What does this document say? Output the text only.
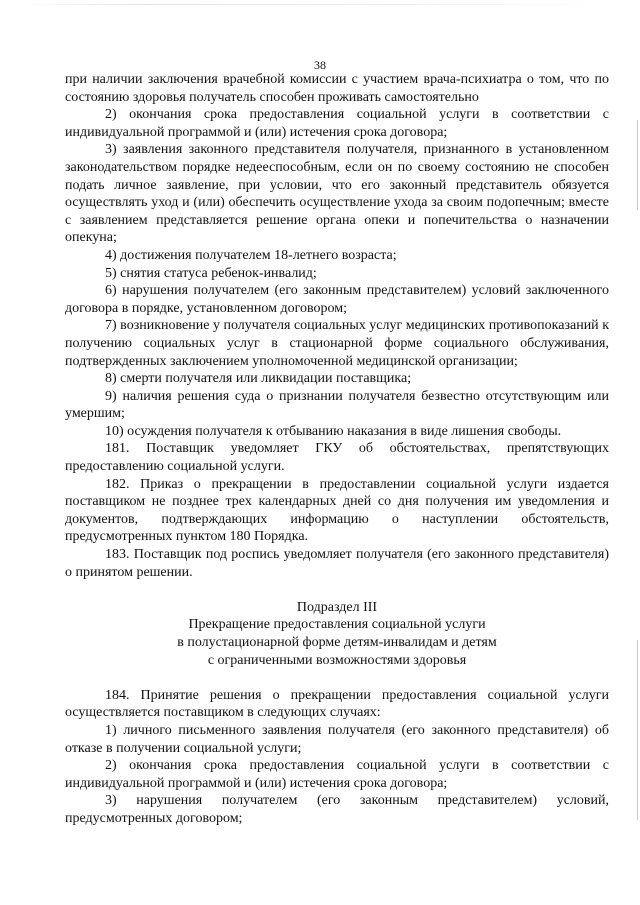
38

при наличии заключения врачебной комиссии с участием врача-психиатра о том, что по состоянию здоровья получатель способен проживать самостоятельно

2) окончания срока предоставления социальной услуги в соответствии с индивидуальной программой и (или) истечения срока договора;

3) заявления законного представителя получателя, признанного в установленном законодательством порядке недееспособным, если он по своему состоянию не способен подать личное заявление, при условии, что его законный представитель обязуется осуществлять уход и (или) обеспечить осуществление ухода за своим подопечным; вместе с заявлением представляется решение органа опеки и попечительства о назначении опекуна;

4) достижения получателем 18-летнего возраста;

5) снятия статуса ребенок-инвалид;

6) нарушения получателем (его законным представителем) условий заключенного договора в порядке, установленном договором;

7) возникновение у получателя социальных услуг медицинских противопоказаний к получению социальных услуг в стационарной форме социального обслуживания, подтвержденных заключением уполномоченной медицинской организации;

8) смерти получателя или ликвидации поставщика;

9) наличия решения суда о признании получателя безвестно отсутствующим или умершим;

10) осуждения получателя к отбыванию наказания в виде лишения свободы.

181. Поставщик уведомляет ГКУ об обстоятельствах, препятствующих предоставлению социальной услуги.

182. Приказ о прекращении в предоставлении социальной услуги издается поставщиком не позднее трех календарных дней со дня получения им уведомления и документов, подтверждающих информацию о наступлении обстоятельств, предусмотренных пунктом 180 Порядка.

183. Поставщик под роспись уведомляет получателя (его законного представителя) о принятом решении.

Подраздел III
Прекращение предоставления социальной услуги
в полустационарной форме детям-инвалидам и детям
с ограниченными возможностями здоровья

184. Принятие решения о прекращении предоставления социальной услуги осуществляется поставщиком в следующих случаях:

1) личного письменного заявления получателя (его законного представителя) об отказе в получении социальной услуги;

2) окончания срока предоставления социальной услуги в соответствии с индивидуальной программой и (или) истечения срока договора;

3) нарушения получателем (его законным представителем) условий, предусмотренных договором;
